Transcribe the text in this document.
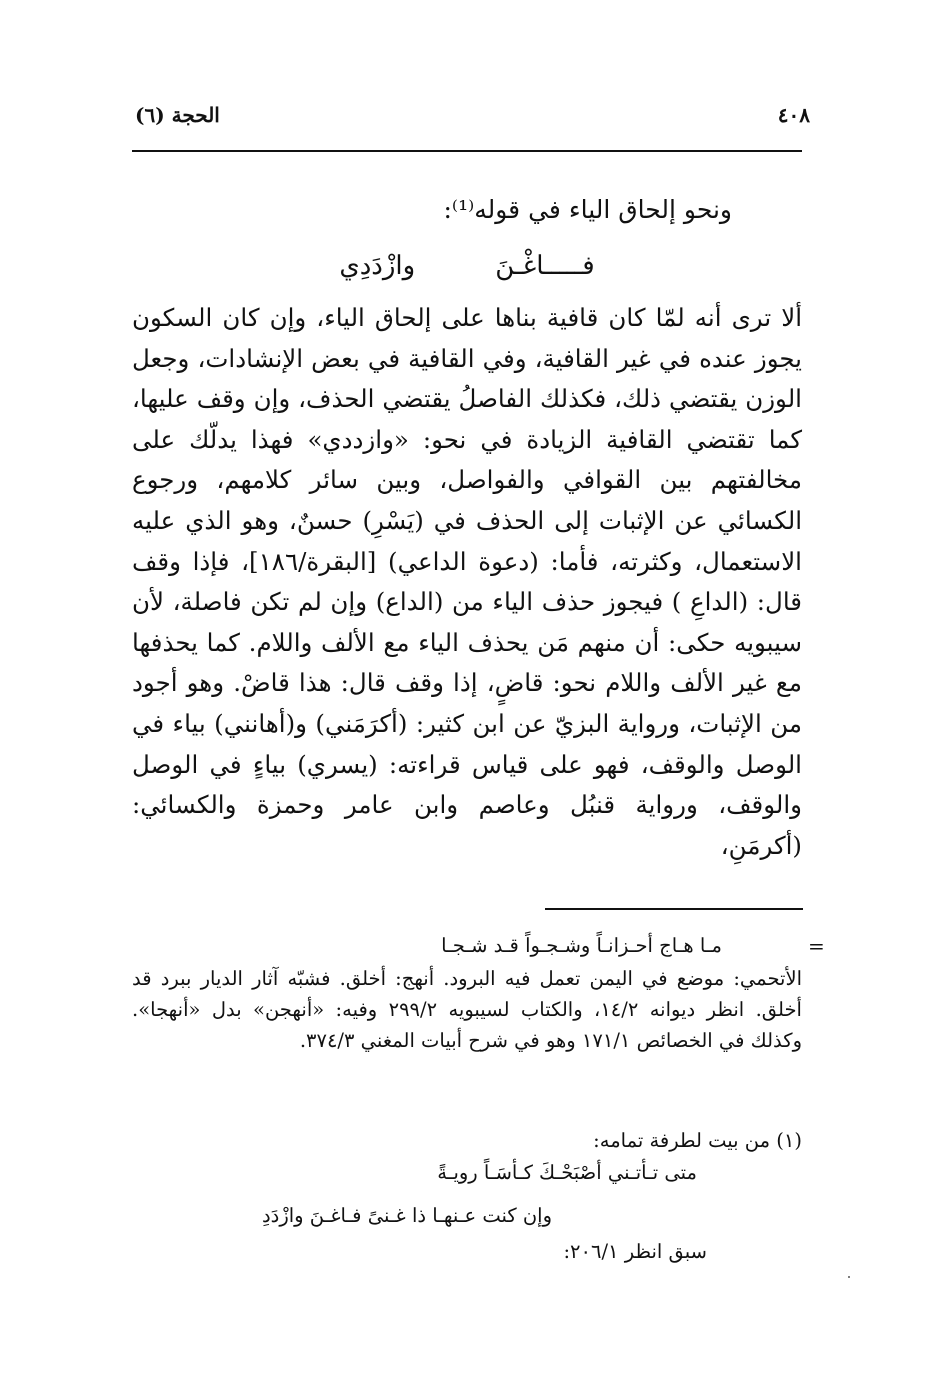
٤٠٨
الحجة (٦)
ونحو إلحاق الياء في قوله⁽¹⁾:
فـــــاغْـنَ
وازْدَدِي

ألا ترى أنه لمّا كان قافية بناها على إلحاق الياء، وإن كان السكون يجوز عنده في غير القافية، وفي القافية في بعض الإنشادات، وجعل الوزن يقتضي ذلك، فكذلك الفاصلُ يقتضي الحذف، وإن وقف عليها، كما تقتضي القافية الزيادة في نحو: «وازددي» فهذا يدلّك على مخالفتهم بين القوافي والفواصل، وبين سائر كلامهم، ورجوع الكسائي عن الإثبات إلى الحذف في (يَسْرِ) حسنٌ، وهو الذي عليه الاستعمال، وكثرته، فأما: (دعوة الداعي) [البقرة/١٨٦]، فإذا وقف قال: (الداعِ ) فيجوز حذف الياء من (الداع) وإن لم تكن فاصلة، لأن سيبويه حكى: أن منهم مَن يحذف الياء مع الألف واللام. كما يحذفها مع غير الألف واللام نحو: قاضٍ، إذا وقف قال: هذا قاضْ. وهو أجود من الإثبات، ورواية البزيّ عن ابن كثير: (أكرَمَني) و(أهانني) بياء في الوصل والوقف، فهو على قياس قراءته: (يسري) بياءٍ في الوصل والوقف، ورواية قنبُل وعاصم وابن عامر وحمزة والكسائي: (أكرمَنِ،

=
مـا هـاج أحـزانـاً وشـجـواً قـد شـجـا
الأتحمي: موضع في اليمن تعمل فيه البرود. أنهج: أخلق. فشبّه آثار الديار ببرد قد أخلق. انظر ديوانه ١٤/٢، والكتاب لسيبويه ٢٩٩/٢ وفيه: «أنهجن» بدل «أنهجا». وكذلك في الخصائص ١٧١/١ وهو في شرح أبيات المغني ٣٧٤/٣.
(١) من بيت لطرفة تمامه:
متى تـأتـني أصْبَحْـكَ كـأسَـاً رويـةً
وإن كنت عـنهـا ذا غـنىً فـاغـنَ وازْدَدِ
سبق انظر ٢٠٦/١:
